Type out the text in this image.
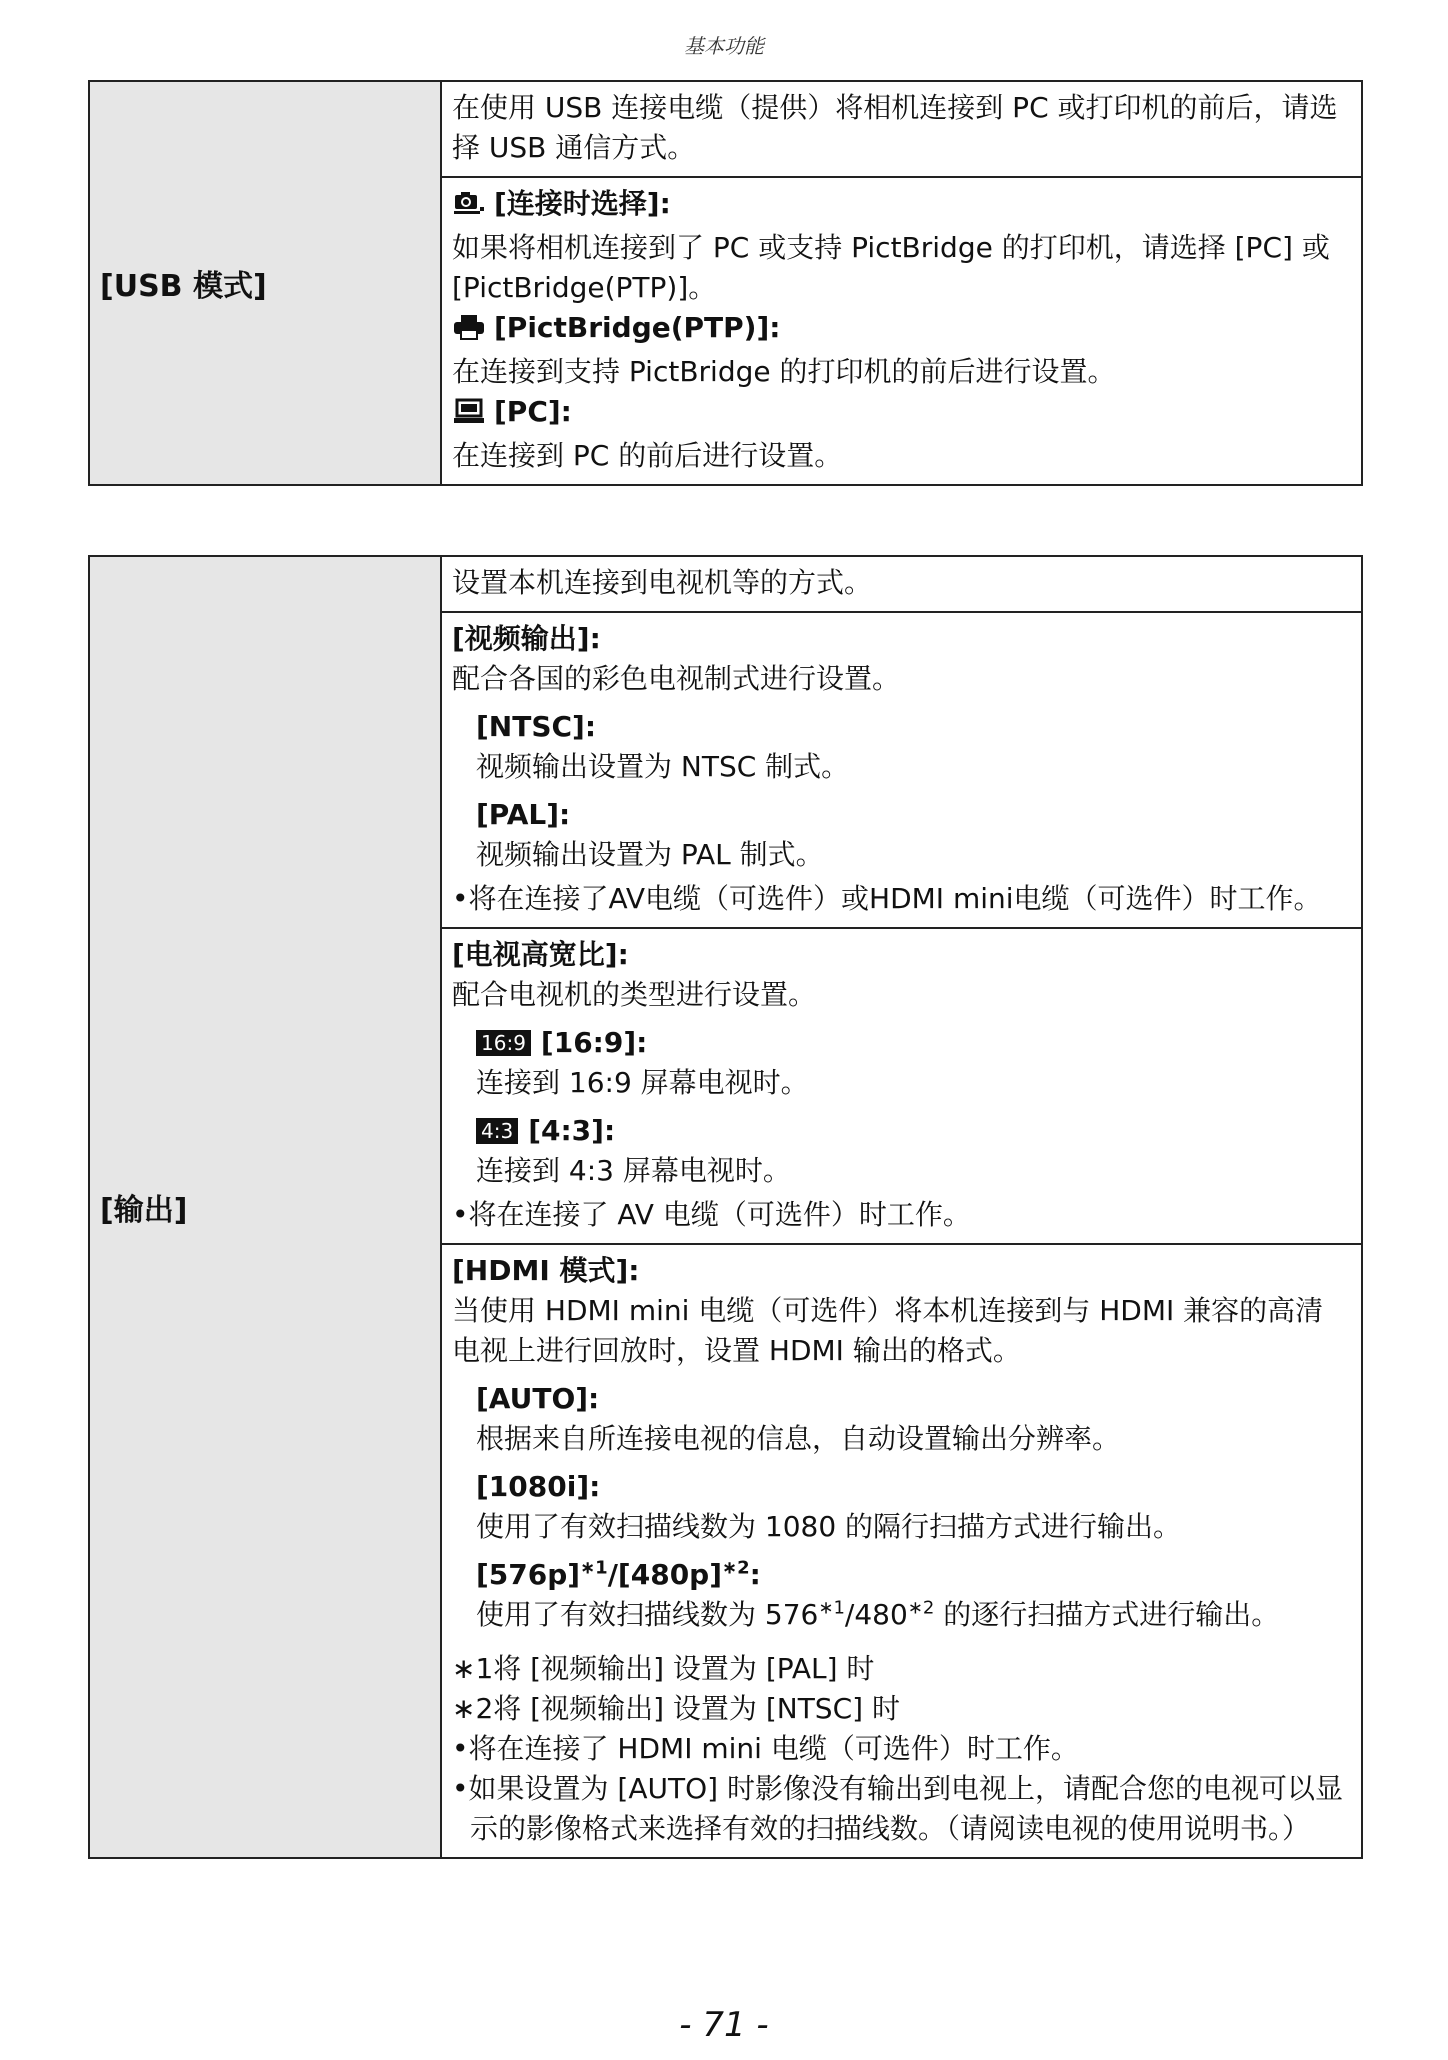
基本功能
[USB 模式]	在使用 USB 连接电缆（提供）将相机连接到 PC 或打印机的前后，请选择 USB 通信方式。

[连接时选择]:
如果将相机连接到了 PC 或支持 PictBridge 的打印机，请选择 [PC] 或 [PictBridge(PTP)]。
[PictBridge(PTP)]:
在连接到支持 PictBridge 的打印机的前后进行设置。
[PC]:
在连接到 PC 的前后进行设置。
[输出]	设置本机连接到电视机等的方式。

[视频输出]:
配合各国的彩色电视制式进行设置。
[NTSC]:
视频输出设置为 NTSC 制式。
[PAL]:
视频输出设置为 PAL 制式。
•将在连接了AV电缆（可选件）或HDMI mini电缆（可选件）时工作。

[电视高宽比]:
配合电视机的类型进行设置。
16:9 [16:9]:
连接到 16:9 屏幕电视时。
4:3 [4:3]:
连接到 4:3 屏幕电视时。
•将在连接了 AV 电缆（可选件）时工作。

[HDMI 模式]:
当使用 HDMI mini 电缆（可选件）将本机连接到与 HDMI 兼容的高清电视上进行回放时，设置 HDMI 输出的格式。
[AUTO]:
根据来自所连接电视的信息，自动设置输出分辨率。
[1080i]:
使用了有效扫描线数为 1080 的隔行扫描方式进行输出。
$[576p]^{∗1}/[480p]^{∗2}$:
使用了有效扫描线数为 $576^{∗1}/480^{∗2}$ 的逐行扫描方式进行输出。
∗1将 [视频输出] 设置为 [PAL] 时
∗2将 [视频输出] 设置为 [NTSC] 时
•将在连接了 HDMI mini 电缆（可选件）时工作。
•如果设置为 [AUTO] 时影像没有输出到电视上，请配合您的电视可以显示的影像格式来选择有效的扫描线数。（请阅读电视的使用说明书。）
- 71 -
